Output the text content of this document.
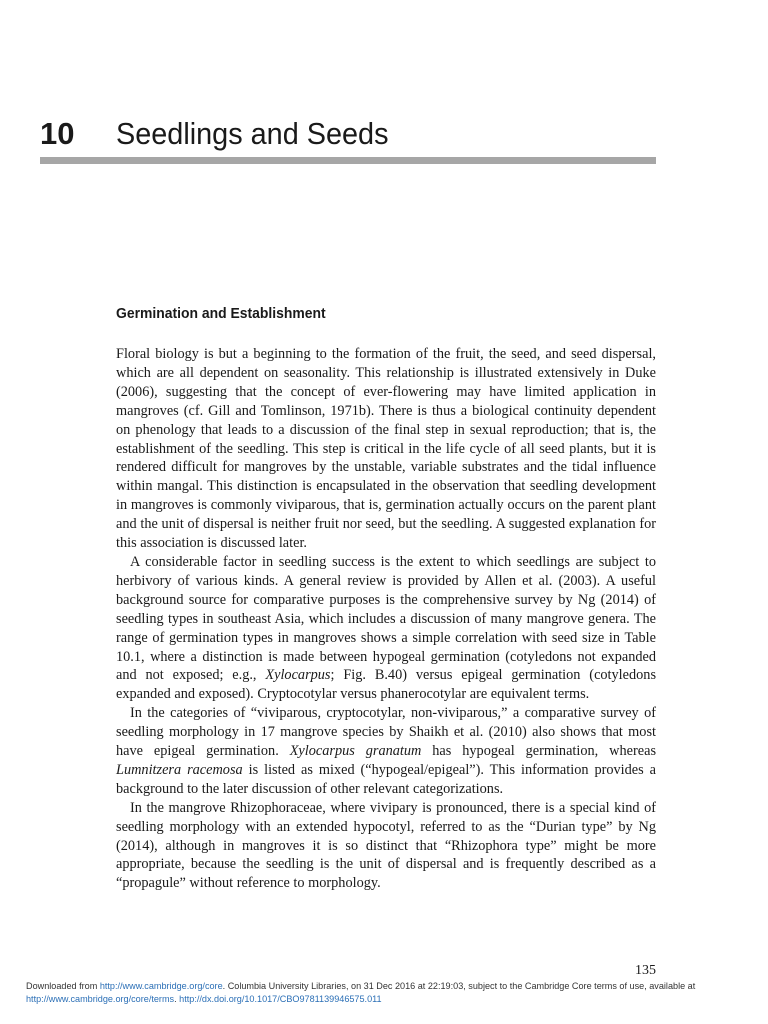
10 Seedlings and Seeds
Germination and Establishment

Floral biology is but a beginning to the formation of the fruit, the seed, and seed dispersal, which are all dependent on seasonality. This relationship is illustrated extensively in Duke (2006), suggesting that the concept of ever-flowering may have limited application in mangroves (cf. Gill and Tomlinson, 1971b). There is thus a biological continuity dependent on phenology that leads to a discussion of the final step in sexual reproduction; that is, the establishment of the seedling. This step is critical in the life cycle of all seed plants, but it is rendered difficult for mangroves by the unstable, variable substrates and the tidal influence within mangal. This distinction is encapsulated in the observation that seedling development in mangroves is commonly viviparous, that is, germination actually occurs on the parent plant and the unit of dispersal is neither fruit nor seed, but the seedling. A suggested explanation for this association is discussed later.

A considerable factor in seedling success is the extent to which seedlings are subject to herbivory of various kinds. A general review is provided by Allen et al. (2003). A useful background source for comparative purposes is the comprehensive survey by Ng (2014) of seedling types in southeast Asia, which includes a discussion of many mangrove genera. The range of germination types in mangroves shows a simple correlation with seed size in Table 10.1, where a distinction is made between hypogeal germination (cotyledons not expanded and not exposed; e.g., Xylocarpus; Fig. B.40) versus epigeal germination (cotyledons expanded and exposed). Cryptocotylar versus phanerocotylar are equivalent terms.

In the categories of “viviparous, cryptocotylar, non-viviparous,” a comparative survey of seedling morphology in 17 mangrove species by Shaikh et al. (2010) also shows that most have epigeal germination. Xylocarpus granatum has hypogeal germination, whereas Lumnitzera racemosa is listed as mixed (“hypogeal/epigeal”). This information provides a background to the later discussion of other relevant categorizations.

In the mangrove Rhizophoraceae, where vivipary is pronounced, there is a special kind of seedling morphology with an extended hypocotyl, referred to as the “Durian type” by Ng (2014), although in mangroves it is so distinct that “Rhizophora type” might be more appropriate, because the seedling is the unit of dispersal and is frequently described as a “propagule” without reference to morphology.

135
Downloaded from http://www.cambridge.org/core. Columbia University Libraries, on 31 Dec 2016 at 22:19:03, subject to the Cambridge Core terms of use, available at
http://www.cambridge.org/core/terms. http://dx.doi.org/10.1017/CBO9781139946575.011
